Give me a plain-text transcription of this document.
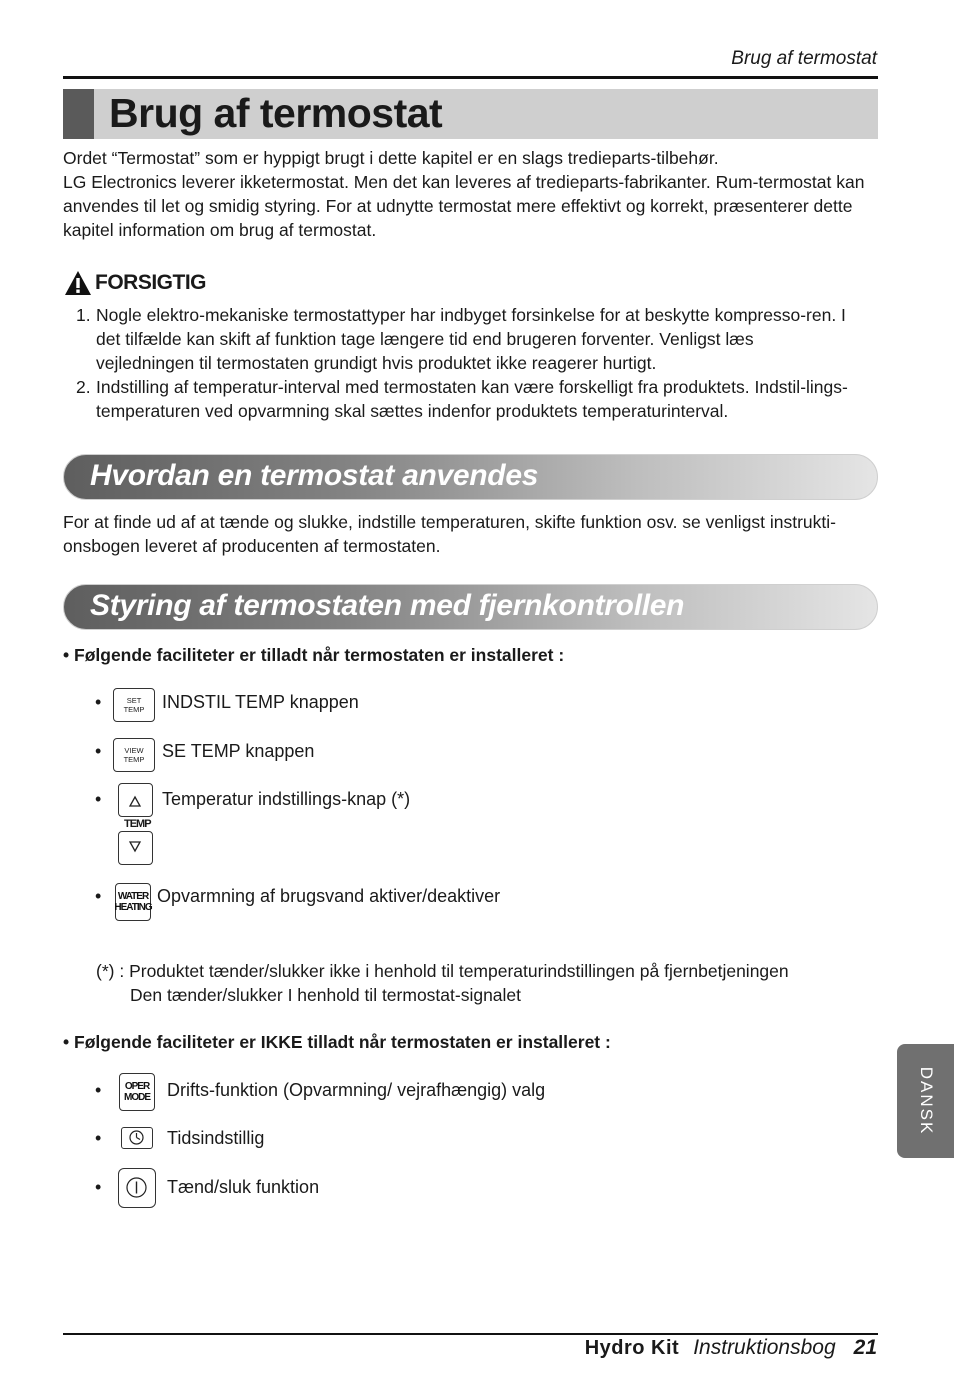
Brug af termostat
Brug af termostat

Ordet “Termostat” som er hyppigt brugt i dette kapitel er en slags tredieparts-tilbehør.

LG Electronics leverer ikketermostat. Men det kan leveres af tredieparts-fabrikanter. Rum-termostat kan anvendes til let og smidig styring. For at udnytte termostat mere effektivt og korrekt, præsenterer dette kapitel information om brug af termostat.

FORSIGTIG
1. Nogle elektro-mekaniske termostattyper har indbyget forsinkelse for at beskytte kompresso-ren. I det tilfælde kan skift af funktion tage længere tid end brugeren forventer. Venligst læs vejledningen til termostaten grundigt hvis produktet ikke reagerer hurtigt.
2. Indstilling af temperatur-interval med termostaten kan være forskelligt fra produktets. Indstil-lings-temperaturen ved opvarmning skal sættes indenfor produktets temperaturinterval.
Hvordan en termostat anvendes

For at finde ud af at tænde og slukke, indstille temperaturen, skifte funktion osv. se venligst instrukti-onsbogen leveret af producenten af termostaten.

Styring af termostaten med fjernkontrollen
• Følgende faciliteter er tilladt når termostaten er installeret :
•	SET
TEMP INDSTIL TEMP knappen
•	VIEW
TEMP SE TEMP knappen
•
TEMP
Temperatur indstillings-knap (*)
• WATER
HEATING
Opvarmning af brugsvand aktiver/deaktiver
(*) : Produktet tænder/slukker ikke i henhold til temperaturindstillingen på fjernbetjeningen
Den tænder/slukker I henhold til termostat-signalet
• Følgende faciliteter er IKKE tilladt når termostaten er installeret :
• OPER
MODE Drifts-funktion (Opvarmning/ vejrafhængig) valg
•	Tidsindstillig
•	Tænd/sluk funktion
DANSK
Hydro Kit Instruktionsbog 21
